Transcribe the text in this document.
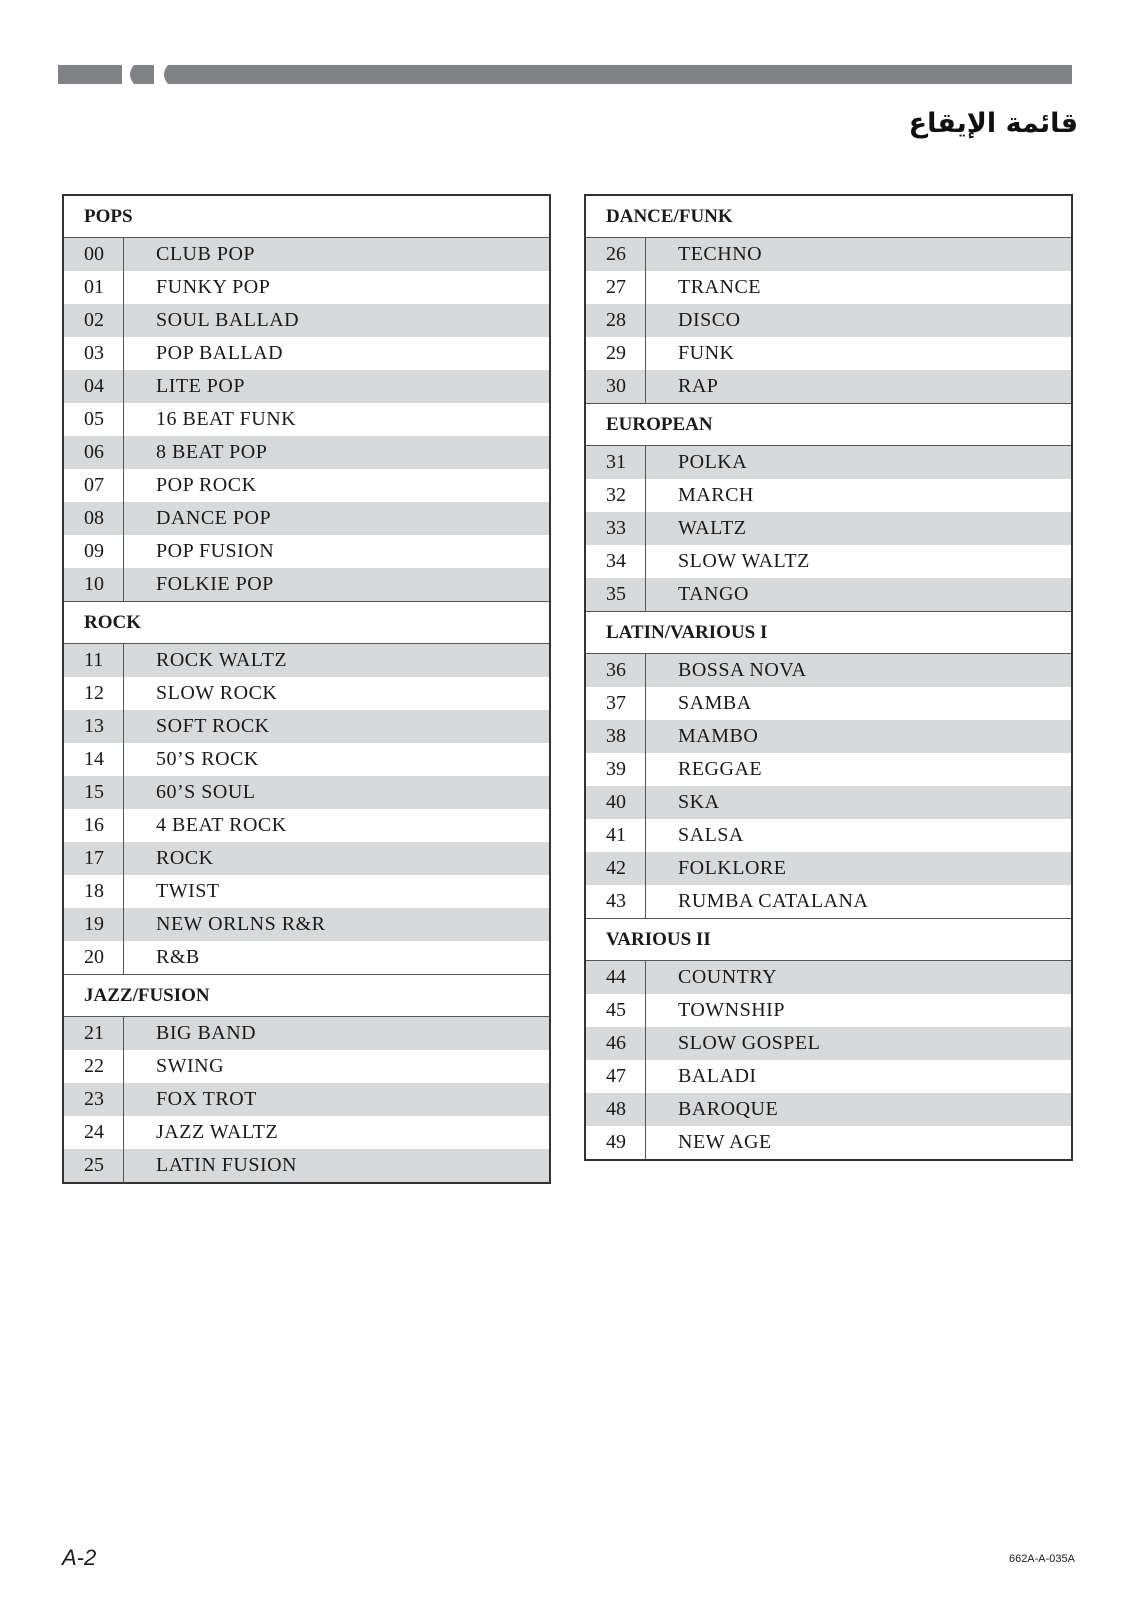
قائمة الإيقاع
POPS
00	CLUB POP
01	FUNKY POP
02	SOUL BALLAD
03	POP BALLAD
04	LITE POP
05	16 BEAT FUNK
06	8 BEAT POP
07	POP ROCK
08	DANCE POP
09	POP FUSION
10	FOLKIE POP
ROCK
11	ROCK WALTZ
12	SLOW ROCK
13	SOFT ROCK
14	50’S ROCK
15	60’S SOUL
16	4 BEAT ROCK
17	ROCK
18	TWIST
19	NEW ORLNS R&R
20	R&B
JAZZ/FUSION
21	BIG BAND
22	SWING
23	FOX TROT
24	JAZZ WALTZ
25	LATIN FUSION
DANCE/FUNK
26	TECHNO
27	TRANCE
28	DISCO
29	FUNK
30	RAP
EUROPEAN
31	POLKA
32	MARCH
33	WALTZ
34	SLOW WALTZ
35	TANGO
LATIN/VARIOUS I
36	BOSSA NOVA
37	SAMBA
38	MAMBO
39	REGGAE
40	SKA
41	SALSA
42	FOLKLORE
43	RUMBA CATALANA
VARIOUS II
44	COUNTRY
45	TOWNSHIP
46	SLOW GOSPEL
47	BALADI
48	BAROQUE
49	NEW AGE
A-2	662A-A-035A
